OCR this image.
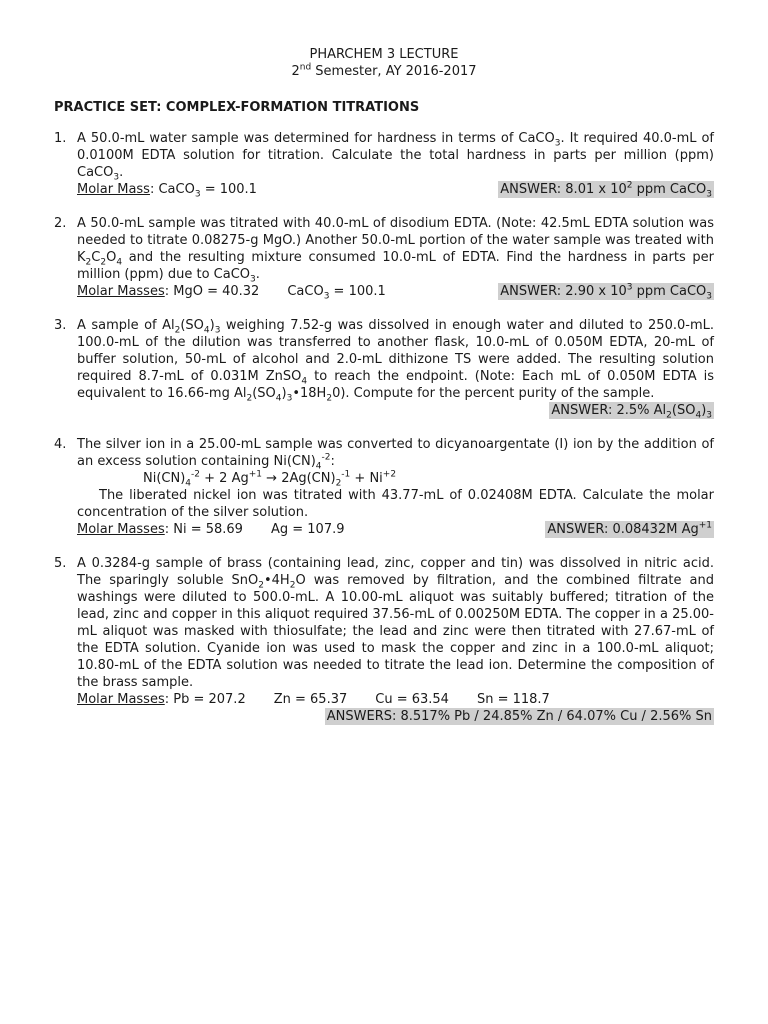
PHARCHEM 3 LECTURE
2nd Semester, AY 2016-2017
PRACTICE SET: COMPLEX-FORMATION TITRATIONS
1. A 50.0-mL water sample was determined for hardness in terms of CaCO$_3$. It required 40.0-mL of 0.0100M EDTA solution for titration. Calculate the total hardness in parts per million (ppm) CaCO$_3$.
Molar Mass: CaCO$_3$ = 100.1	ANSWER: 8.01 x $10^2$ ppm CaCO$_3$
2. A 50.0-mL sample was titrated with 40.0-mL of disodium EDTA. (Note: 42.5mL EDTA solution was needed to titrate 0.08275-g MgO.) Another 50.0-mL portion of the water sample was treated with $K_2C_2O_4$ and the resulting mixture consumed 10.0-mL of EDTA. Find the hardness in parts per million (ppm) due to CaCO$_3$.
Molar Masses: MgO = 40.32 CaCO$_3$ = 100.1	ANSWER: 2.90 x $10^3$ ppm CaCO$_3$
3. A sample of $Al_2(SO_4)_3$ weighing 7.52-g was dissolved in enough water and diluted to 250.0-mL. 100.0-mL of the dilution was transferred to another flask, 10.0-mL of 0.050M EDTA, 20-mL of buffer solution, 50-mL of alcohol and 2.0-mL dithizone TS were added. The resulting solution required 8.7-mL of 0.031M ZnSO$_4$ to reach the endpoint. (Note: Each mL of 0.050M EDTA is equivalent to 16.66-mg $Al_2(SO_4)_3•18H_20$). Compute for the percent purity of the sample.
ANSWER: 2.5% $Al_2(SO_4)_3$
4. The silver ion in a 25.00-mL sample was converted to dicyanoargentate (I) ion by the addition of an excess solution containing $Ni(CN)_4^{-2}$:
$Ni(CN)_4^{-2} + 2$ $Ag^{+1} \to 2Ag(CN)_2^{-1} + Ni^{+2}$
The liberated nickel ion was titrated with 43.77-mL of 0.02408M EDTA. Calculate the molar concentration of the silver solution.
Molar Masses: Ni = 58.69 Ag = 107.9	ANSWER: 0.08432M $Ag^{+1}$
5. A 0.3284-g sample of brass (containing lead, zinc, copper and tin) was dissolved in nitric acid. The sparingly soluble $SnO_2•4H_2O$ was removed by filtration, and the combined filtrate and washings were diluted to 500.0-mL. A 10.00-mL aliquot was suitably buffered; titration of the lead, zinc and copper in this aliquot required 37.56-mL of 0.00250M EDTA. The copper in a 25.00-mL aliquot was masked with thiosulfate; the lead and zinc were then titrated with 27.67-mL of the EDTA solution. Cyanide ion was used to mask the copper and zinc in a 100.0-mL aliquot; 10.80-mL of the EDTA solution was needed to titrate the lead ion. Determine the composition of the brass sample.
Molar Masses: Pb = 207.2 Zn = 65.37 Cu = 63.54 Sn = 118.7
ANSWERS: 8.517% Pb / 24.85% Zn / 64.07% Cu / 2.56% Sn
